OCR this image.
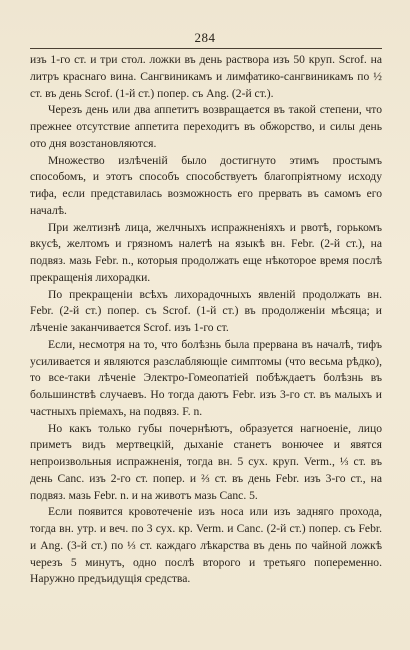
284

изъ 1-го ст. и три стол. ложки въ день раствора изъ 50 круп. Scrof. на литръ краснаго вина. Сангвиникамъ и лимфатико-сангвиникамъ по ½ ст. въ день Scrof. (1-й ст.) попер. съ Ang. (2-й ст.).

Черезъ день или два аппетитъ возвращается въ такой степени, что прежнее отсутствие аппетита переходитъ въ обжорство, и силы день ото дня возстановляются.

Множество излѣченій было достигнуто этимъ простымъ способомъ, и этотъ способъ способствуетъ благопріятному исходу тифа, если представилась возможность его прервать въ самомъ его началѣ.

При желтизнѣ лица, желчныхъ испражненіяхъ и рвотѣ, горькомъ вкусѣ, желтомъ и грязномъ налетѣ на языкѣ вн. Febr. (2-й ст.), на подвяз. мазь Febr. n., которыя продолжать еще нѣкоторое время послѣ прекращенія лихорадки.

По прекращеніи всѣхъ лихорадочныхъ явленій продолжать вн. Febr. (2-й ст.) попер. съ Scrof. (1-й ст.) въ продолженіи мѣсяца; и лѣченіе заканчивается Scrof. изъ 1-го ст.

Если, несмотря на то, что болѣзнь была прервана въ началѣ, тифъ усиливается и являются разслабляющіе симптомы (что весьма рѣдко), то все-таки лѣченіе Электро-Гомеопатіей побѣждаетъ болѣзнь въ большинствѣ случаевъ. Но тогда даютъ Febr. изъ 3-го ст. въ малыхъ и частныхъ пріемахъ, на подвяз. F. n.

Но какъ только губы почернѣютъ, образуется нагноеніе, лицо приметъ видъ мертвецкій, дыханіе станетъ вонючее и явятся непроизвольныя испражненія, тогда вн. 5 сух. круп. Verm., ⅓ ст. въ день Canc. изъ 2-го ст. попер. и ⅔ ст. въ день Febr. изъ 3-го ст., на подвяз. мазь Febr. n. и на животъ мазь Canc. 5.

Если появится кровотеченіе изъ носа или изъ задняго прохода, тогда вн. утр. и веч. по 3 сух. кр. Verm. и Canc. (2-й ст.) попер. съ Febr. и Ang. (3-й ст.) по ⅓ ст. каждаго лѣкарства въ день по чайной ложкѣ черезъ 5 минутъ, одно послѣ второго и третьяго попеременно. Наружно предъидущія средства.
